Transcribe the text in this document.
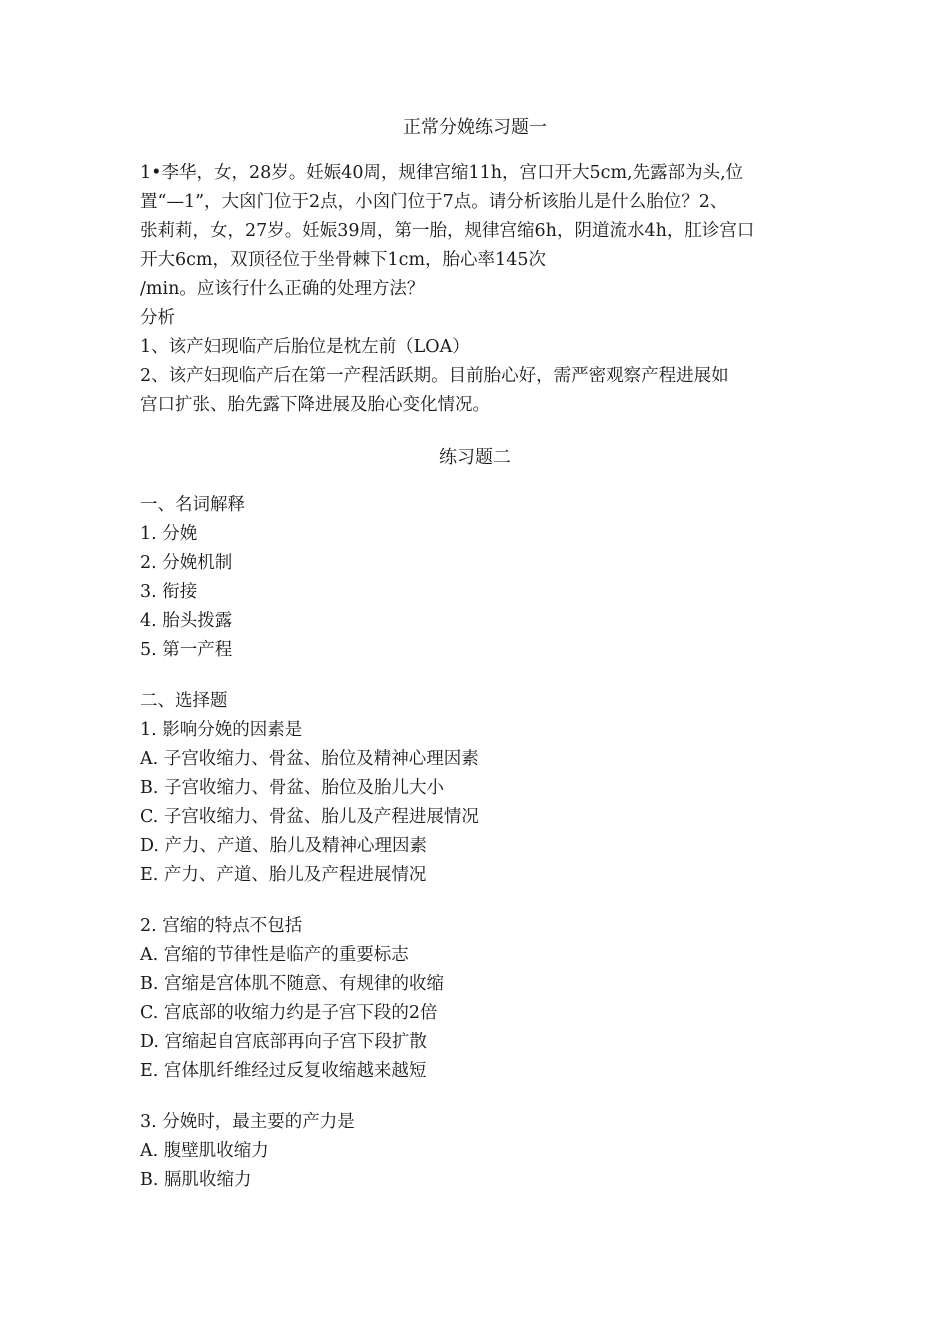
正常分娩练习题一
1•李华，女，28岁。妊娠40周，规律宫缩11h，宫口开大5cm,先露部为头,位
置“—1”，大囟门位于2点，小囟门位于7点。请分析该胎儿是什么胎位？2、
张莉莉，女，27岁。妊娠39周，第一胎，规律宫缩6h，阴道流水4h，肛诊宫口
开大6cm，双顶径位于坐骨棘下1cm，胎心率145次
/min。应该行什么正确的处理方法？
分析
1、该产妇现临产后胎位是枕左前（LOA）
2、该产妇现临产后在第一产程活跃期。目前胎心好，需严密观察产程进展如
宫口扩张、胎先露下降进展及胎心变化情况。
练习题二
一、名词解释
1. 分娩
2. 分娩机制
3. 衔接
4. 胎头拨露
5. 第一产程
二、选择题
1. 影响分娩的因素是
A. 子宫收缩力、骨盆、胎位及精神心理因素
B. 子宫收缩力、骨盆、胎位及胎儿大小
C. 子宫收缩力、骨盆、胎儿及产程进展情况
D. 产力、产道、胎儿及精神心理因素
E. 产力、产道、胎儿及产程进展情况
2. 宫缩的特点不包括
A. 宫缩的节律性是临产的重要标志
B. 宫缩是宫体肌不随意、有规律的收缩
C. 宫底部的收缩力约是子宫下段的2倍
D. 宫缩起自宫底部再向子宫下段扩散
E. 宫体肌纤维经过反复收缩越来越短
3. 分娩时，最主要的产力是
A. 腹壁肌收缩力
B. 膈肌收缩力
